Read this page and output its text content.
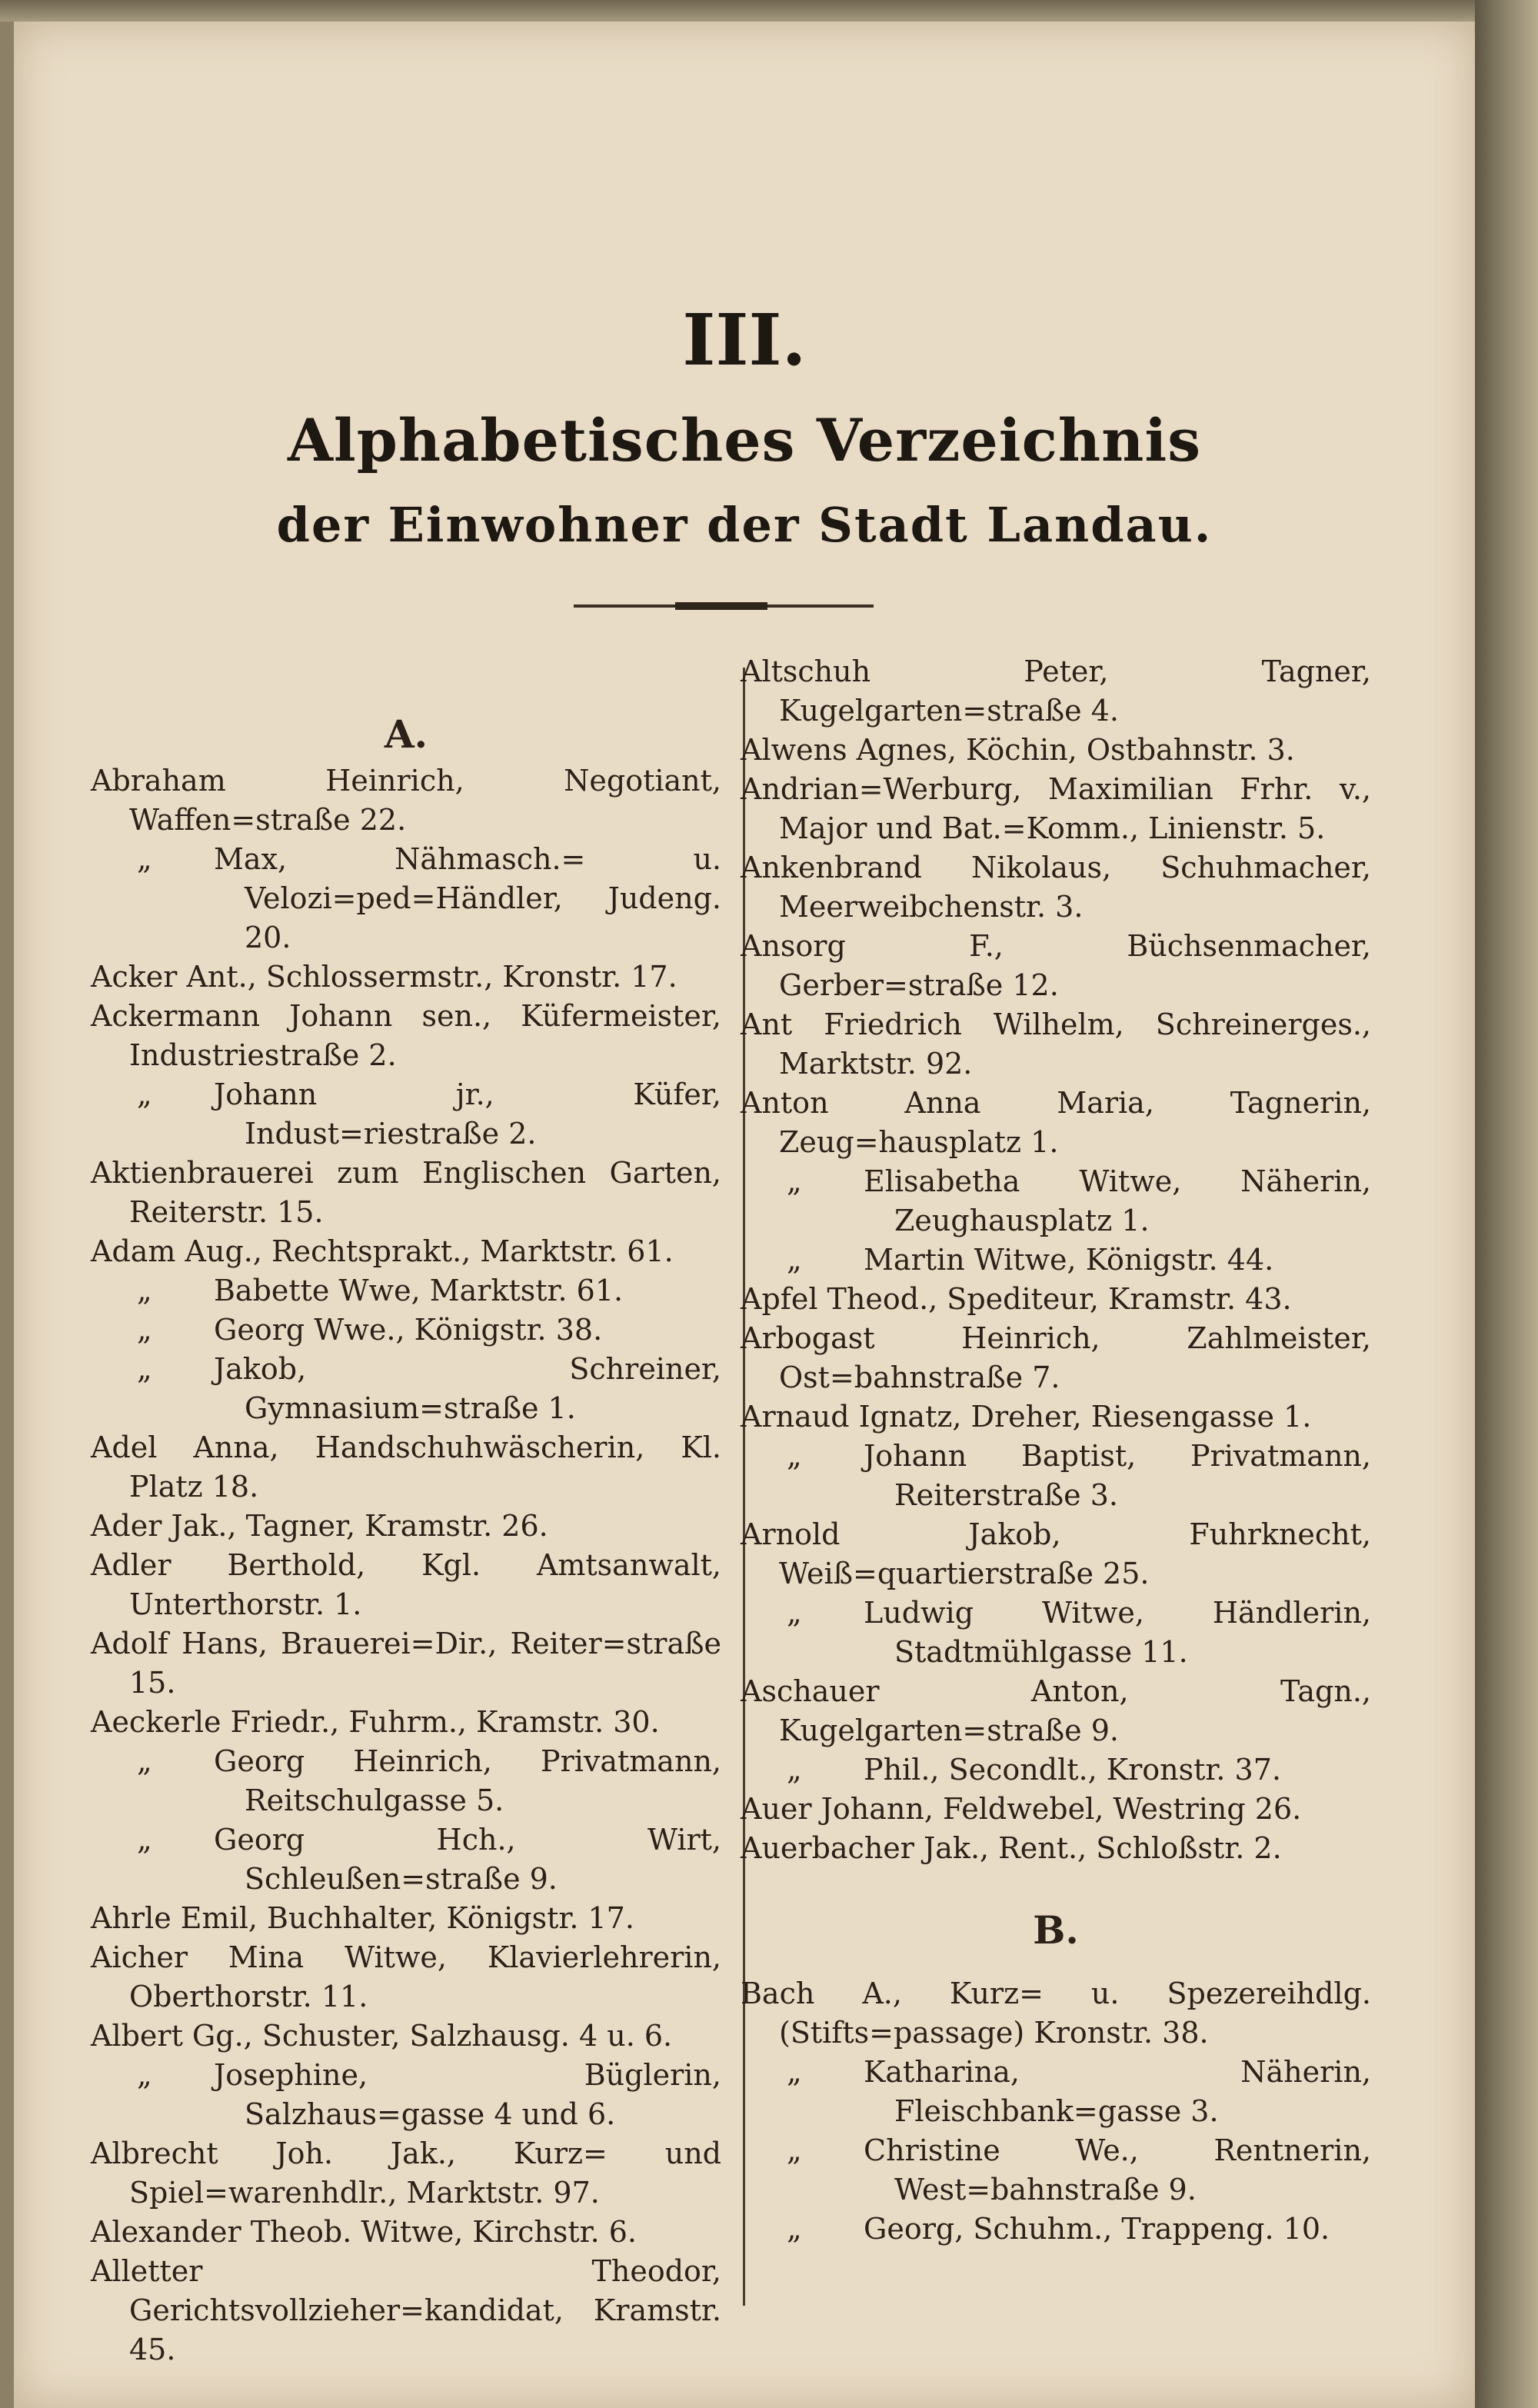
III.
Alphabetisches Verzeichnis
der Einwohner der Stadt Landau.
A.

Abraham Heinrich, Negotiant, Waffen=straße 22.

„ Max, Nähmasch.= u. Velozi=ped=Händler, Judeng. 20.

Acker Ant., Schlossermstr., Kronstr. 17.

Ackermann Johann sen., Küfermeister, Industriestraße 2.

„ Johann jr., Küfer, Indust=riestraße 2.

Aktienbrauerei zum Englischen Garten, Reiterstr. 15.

Adam Aug., Rechtsprakt., Marktstr. 61.

„ Babette Wwe, Marktstr. 61.

„ Georg Wwe., Königstr. 38.

„ Jakob, Schreiner, Gymnasium=straße 1.

Adel Anna, Handschuhwäscherin, Kl. Platz 18.

Ader Jak., Tagner, Kramstr. 26.

Adler Berthold, Kgl. Amtsanwalt, Unterthorstr. 1.

Adolf Hans, Brauerei=Dir., Reiter=straße 15.

Aeckerle Friedr., Fuhrm., Kramstr. 30.

„ Georg Heinrich, Privatmann, Reitschulgasse 5.

„ Georg Hch., Wirt, Schleußen=straße 9.

Ahrle Emil, Buchhalter, Königstr. 17.

Aicher Mina Witwe, Klavierlehrerin, Oberthorstr. 11.

Albert Gg., Schuster, Salzhausg. 4 u. 6.

„ Josephine, Büglerin, Salzhaus=gasse 4 und 6.

Albrecht Joh. Jak., Kurz= und Spiel=warenhdlr., Marktstr. 97.

Alexander Theob. Witwe, Kirchstr. 6.

Alletter Theodor, Gerichtsvollzieher=kandidat, Kramstr. 45.

Altschuh Peter, Tagner, Kugelgarten=straße 4.

Alwens Agnes, Köchin, Ostbahnstr. 3.

Andrian=Werburg, Maximilian Frhr. v., Major und Bat.=Komm., Linienstr. 5.

Ankenbrand Nikolaus, Schuhmacher, Meerweibchenstr. 3.

Ansorg F., Büchsenmacher, Gerber=straße 12.

Ant Friedrich Wilhelm, Schreinerges., Marktstr. 92.

Anton Anna Maria, Tagnerin, Zeug=hausplatz 1.

„ Elisabetha Witwe, Näherin, Zeughausplatz 1.

„ Martin Witwe, Königstr. 44.

Apfel Theod., Spediteur, Kramstr. 43.

Arbogast Heinrich, Zahlmeister, Ost=bahnstraße 7.

Arnaud Ignatz, Dreher, Riesengasse 1.

„ Johann Baptist, Privatmann, Reiterstraße 3.

Arnold Jakob, Fuhrknecht, Weiß=quartierstraße 25.

„ Ludwig Witwe, Händlerin, Stadtmühlgasse 11.

Aschauer Anton, Tagn., Kugelgarten=straße 9.

„ Phil., Secondlt., Kronstr. 37.

Auer Johann, Feldwebel, Westring 26.

Auerbacher Jak., Rent., Schloßstr. 2.

B.

Bach A., Kurz= u. Spezereihdlg. (Stifts=passage) Kronstr. 38.

„ Katharina, Näherin, Fleischbank=gasse 3.

„ Christine We., Rentnerin, West=bahnstraße 9.

„ Georg, Schuhm., Trappeng. 10.
